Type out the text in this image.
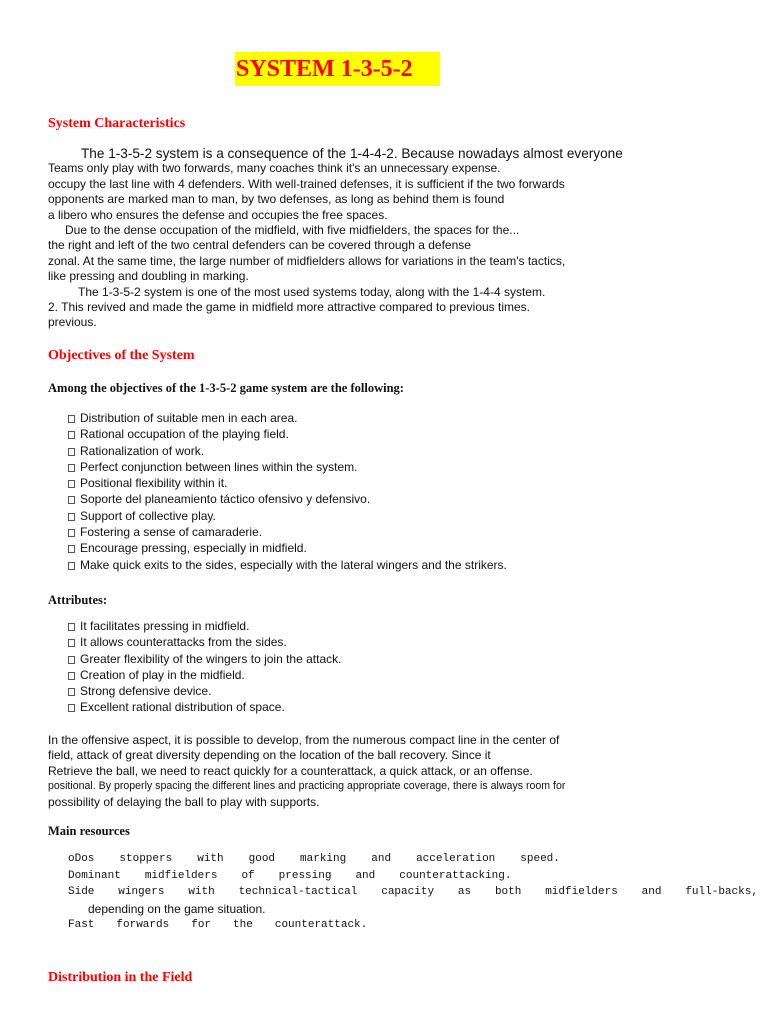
SYSTEM 1-3-5-2
System Characteristics
The 1-3-5-2 system is a consequence of the 1-4-4-2. Because nowadays almost everyone
Teams only play with two forwards, many coaches think it's an unnecessary expense.
occupy the last line with 4 defenders. With well-trained defenses, it is sufficient if the two forwards
opponents are marked man to man, by two defenses, as long as behind them is found
a libero who ensures the defense and occupies the free spaces.
Due to the dense occupation of the midfield, with five midfielders, the spaces for the...
the right and left of the two central defenders can be covered through a defense
zonal. At the same time, the large number of midfielders allows for variations in the team's tactics,
like pressing and doubling in marking.
The 1-3-5-2 system is one of the most used systems today, along with the 1-4-4 system.
2. This revived and made the game in midfield more attractive compared to previous times.
previous.
Objectives of the System
Among the objectives of the 1-3-5-2 game system are the following:
Distribution of suitable men in each area.
Rational occupation of the playing field.
Rationalization of work.
Perfect conjunction between lines within the system.
Positional flexibility within it.
Soporte del planeamiento táctico ofensivo y defensivo.
Support of collective play.
Fostering a sense of camaraderie.
Encourage pressing, especially in midfield.
Make quick exits to the sides, especially with the lateral wingers and the strikers.
Attributes:
It facilitates pressing in midfield.
It allows counterattacks from the sides.
Greater flexibility of the wingers to join the attack.
Creation of play in the midfield.
Strong defensive device.
Excellent rational distribution of space.
In the offensive aspect, it is possible to develop, from the numerous compact line in the center of
field, attack of great diversity depending on the location of the ball recovery. Since it
Retrieve the ball, we need to react quickly for a counterattack, a quick attack, or an offense.
positional. By properly spacing the different lines and practicing appropriate coverage, there is always room for
possibility of delaying the ball to play with supports.
Main resources
oDos stoppers with good marking and acceleration speed.
Dominant midfielders of pressing and counterattacking.
Side wingers with technical-tactical capacity as both midfielders and full-backs,
depending on the game situation.
Fast forwards for the counterattack.
Distribution in the Field
